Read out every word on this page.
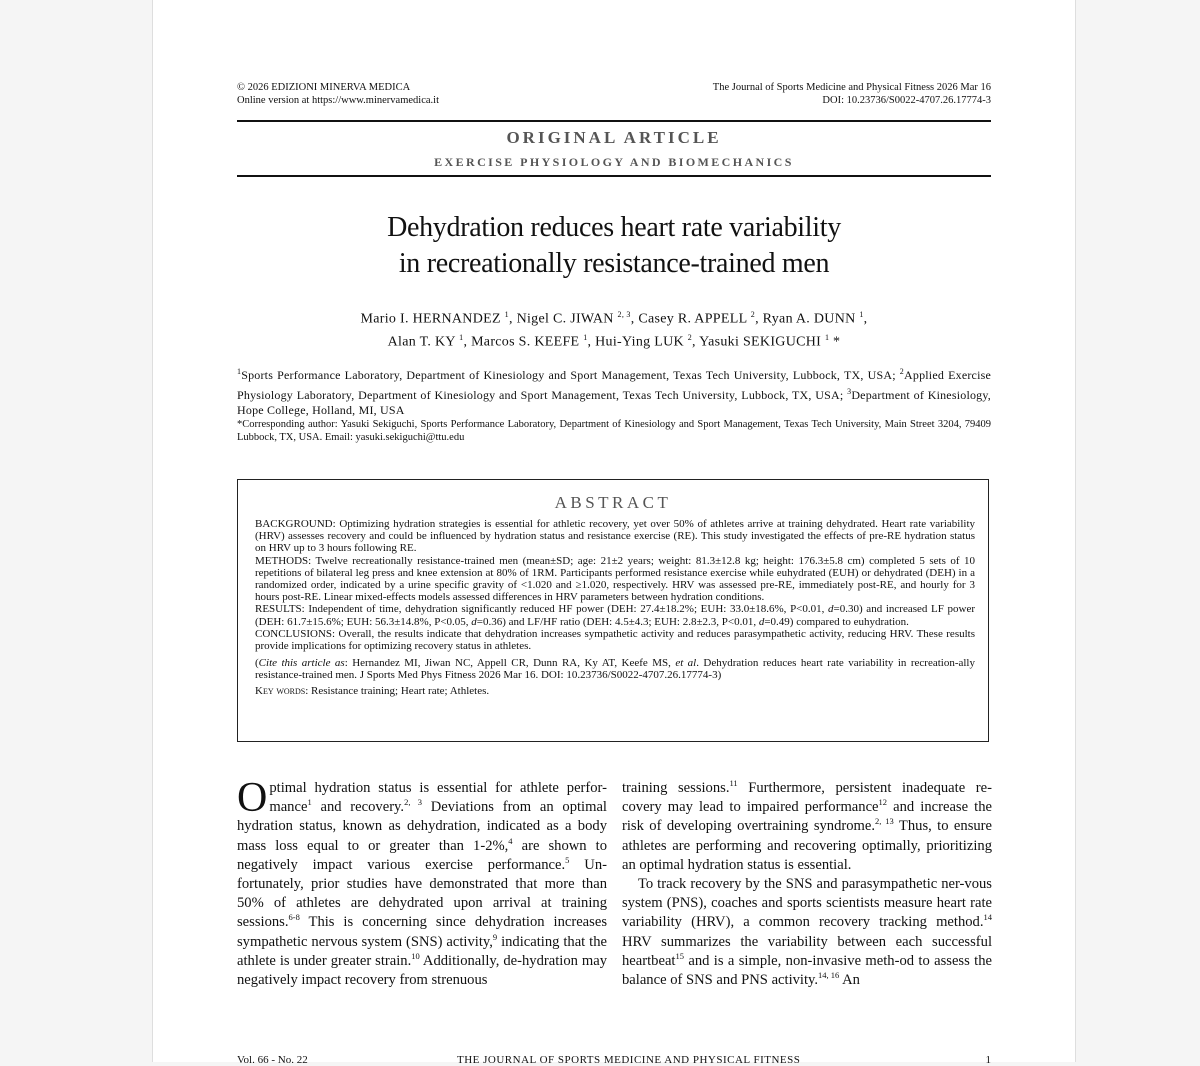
© 2026 EDIZIONI MINERVA MEDICA
Online version at https://www.minervamedica.it
The Journal of Sports Medicine and Physical Fitness 2026 Mar 16
DOI: 10.23736/S0022-4707.26.17774-3
ORIGINAL ARTICLE
EXERCISE PHYSIOLOGY AND BIOMECHANICS
Dehydration reduces heart rate variability
in recreationally resistance-trained men
Mario I. HERNANDEZ $^1$, Nigel C. JIWAN $^{2, 3}$, Casey R. APPELL $^2$, Ryan A. DUNN $^1$,
Alan T. KY $^1$, Marcos S. KEEFE $^1$, Hui-Ying LUK $^2$, Yasuki SEKIGUCHI $^1$ *
$^1$Sports Performance Laboratory, Department of Kinesiology and Sport Management, Texas Tech University, Lubbock, TX, USA; $^2$Applied Exercise Physiology Laboratory, Department of Kinesiology and Sport Management, Texas Tech University, Lubbock, TX, USA; $^3$Department of Kinesiology, Hope College, Holland, MI, USA
*Corresponding author: Yasuki Sekiguchi, Sports Performance Laboratory, Department of Kinesiology and Sport Management, Texas Tech University, Main Street 3204, 79409 Lubbock, TX, USA. Email: yasuki.sekiguchi@ttu.edu
ABSTRACT

BACKGROUND: Optimizing hydration strategies is essential for athletic recovery, yet over 50% of athletes arrive at training dehydrated. Heart rate variability (HRV) assesses recovery and could be influenced by hydration status and resistance exercise (RE). This study investigated the effects of pre-RE hydration status on HRV up to 3 hours following RE.

METHODS: Twelve recreationally resistance-trained men (mean±SD; age: 21±2 years; weight: 81.3±12.8 kg; height: 176.3±5.8 cm) completed 5 sets of 10 repetitions of bilateral leg press and knee extension at 80% of 1RM. Participants performed resistance exercise while euhydrated (EUH) or dehydrated (DEH) in a randomized order, indicated by a urine specific gravity of <1.020 and ≥1.020, respectively. HRV was assessed pre-RE, immediately post-RE, and hourly for 3 hours post-RE. Linear mixed-effects models assessed differences in HRV parameters between hydration conditions.

RESULTS: Independent of time, dehydration significantly reduced HF power (DEH: 27.4±18.2%; EUH: 33.0±18.6%, P<0.01, d=0.30) and increased LF power (DEH: 61.7±15.6%; EUH: 56.3±14.8%, P<0.05, d=0.36) and LF/HF ratio (DEH: 4.5±4.3; EUH: 2.8±2.3, P<0.01, d=0.49) compared to euhydration.

CONCLUSIONS: Overall, the results indicate that dehydration increases sympathetic activity and reduces parasympathetic activity, reducing HRV. These results provide implications for optimizing recovery status in athletes.

(Cite this article as: Hernandez MI, Jiwan NC, Appell CR, Dunn RA, Ky AT, Keefe MS, et al. Dehydration reduces heart rate variability in recreation-ally resistance-trained men. J Sports Med Phys Fitness 2026 Mar 16. DOI: 10.23736/S0022-4707.26.17774-3)

Key words: Resistance training; Heart rate; Athletes.

Optimal hydration status is essential for athlete perfor-mance$^1$ and recovery.$^{2, 3}$ Deviations from an optimal hydration status, known as dehydration, indicated as a body mass loss equal to or greater than 1-2%,$^4$ are shown to negatively impact various exercise performance.$^5$ Un-fortunately, prior studies have demonstrated that more than 50% of athletes are dehydrated upon arrival at training sessions.$^{6-8}$ This is concerning since dehydration increases sympathetic nervous system (SNS) activity,$^9$ indicating that the athlete is under greater strain.$^{10}$ Additionally, de-hydration may negatively impact recovery from strenuous

training sessions.$^{11}$ Furthermore, persistent inadequate re-covery may lead to impaired performance$^{12}$ and increase the risk of developing overtraining syndrome.$^{2, 13}$ Thus, to ensure athletes are performing and recovering optimally, prioritizing an optimal hydration status is essential.

To track recovery by the SNS and parasympathetic ner-vous system (PNS), coaches and sports scientists measure heart rate variability (HRV), a common recovery tracking method.$^{14}$ HRV summarizes the variability between each successful heartbeat$^{15}$ and is a simple, non-invasive meth-od to assess the balance of SNS and PNS activity.$^{14, 16}$ An

Vol. 66 - No. 22	THE JOURNAL OF SPORTS MEDICINE AND PHYSICAL FITNESS	1
